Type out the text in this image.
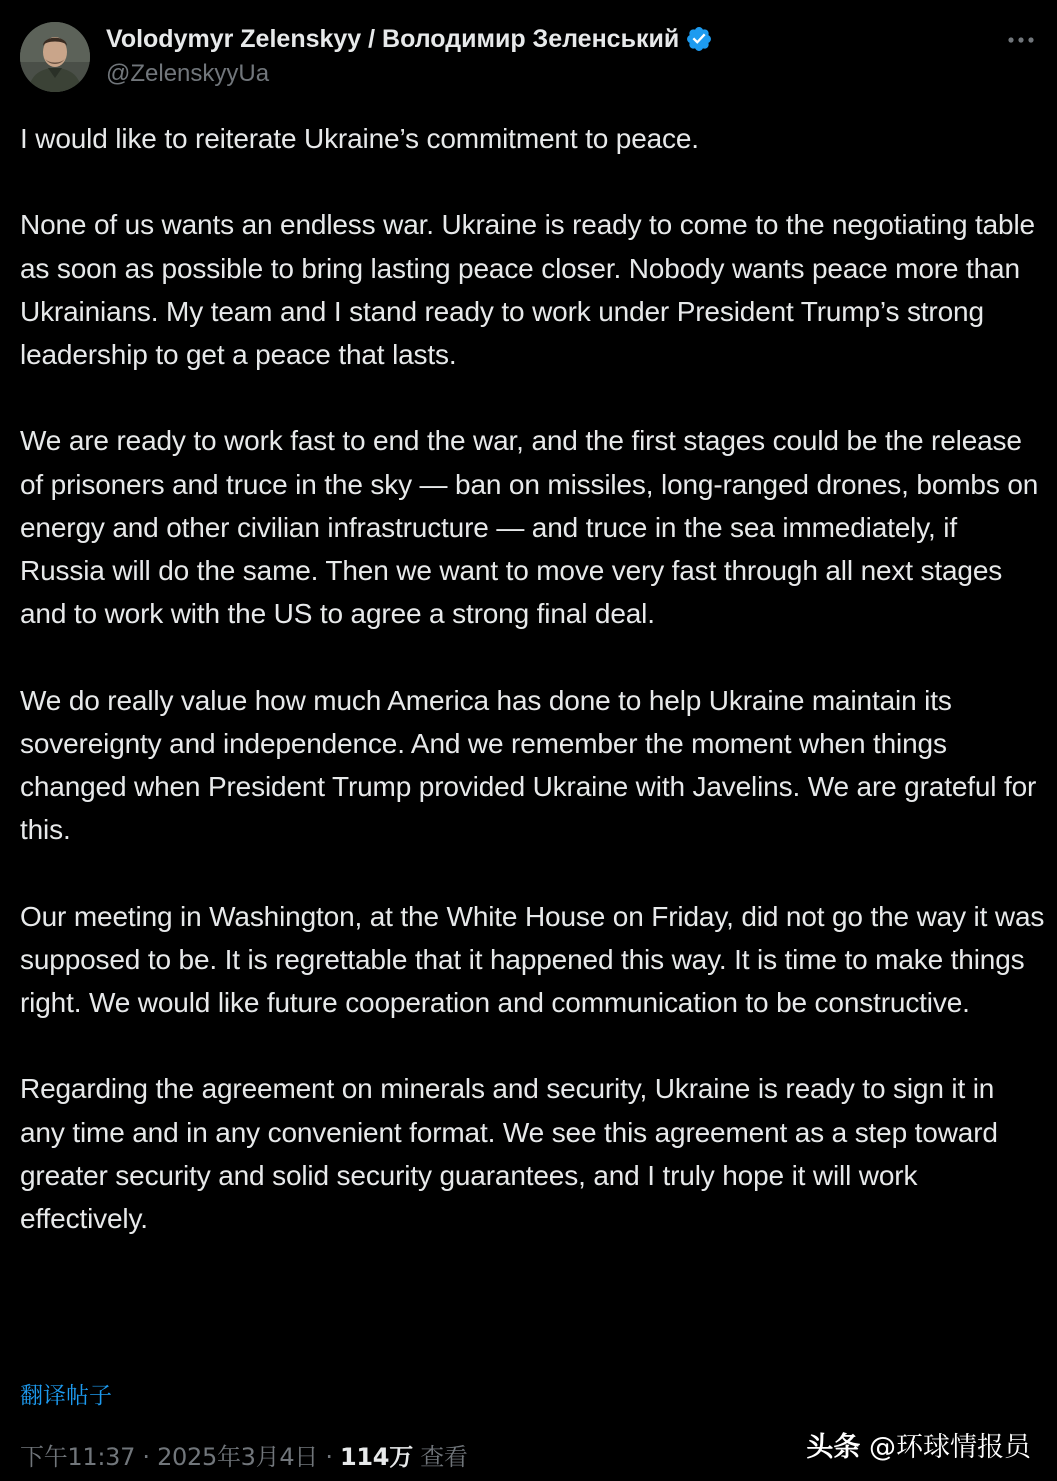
Volodymyr Zelenskyy / Володимир Зеленський
@ZelenskyyUa

I would like to reiterate Ukraine’s commitment to peace.

None of us wants an endless war. Ukraine is ready to come to the negotiating table as soon as possible to bring lasting peace closer. Nobody wants peace more than Ukrainians. My team and I stand ready to work under President Trump’s strong leadership to get a peace that lasts.

We are ready to work fast to end the war, and the first stages could be the release of prisoners and truce in the sky — ban on missiles, long-ranged drones, bombs on energy and other civilian infrastructure — and truce in the sea immediately, if Russia will do the same. Then we want to move very fast through all next stages and to work with the US to agree a strong final deal.

We do really value how much America has done to help Ukraine maintain its sovereignty and independence. And we remember the moment when things changed when President Trump provided Ukraine with Javelins. We are grateful for this.

Our meeting in Washington, at the White House on Friday, did not go the way it was supposed to be. It is regrettable that it happened this way. It is time to make things right. We would like future cooperation and communication to be constructive.

Regarding the agreement on minerals and security, Ukraine is ready to sign it in any time and in any convenient format. We see this agreement as a step toward greater security and solid security guarantees, and I truly hope it will work effectively.

翻译帖子
下午11:37 · 2025年3月4日 · 114万 查看	头条 @环球情报员
